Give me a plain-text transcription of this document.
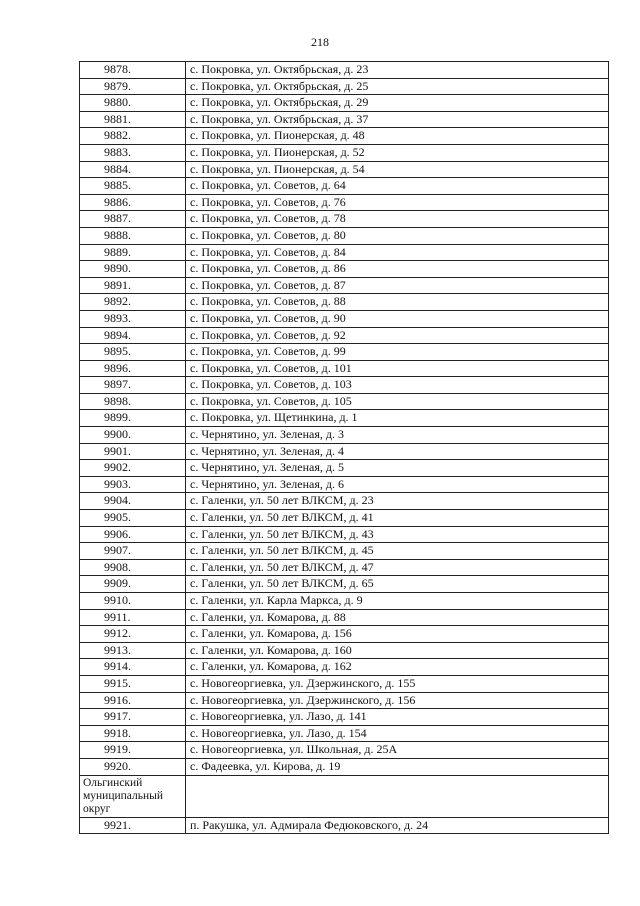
218
9878.	с. Покровка, ул. Октябрьская, д. 23
9879.	с. Покровка, ул. Октябрьская, д. 25
9880.	с. Покровка, ул. Октябрьская, д. 29
9881.	с. Покровка, ул. Октябрьская, д. 37
9882.	с. Покровка, ул. Пионерская, д. 48
9883.	с. Покровка, ул. Пионерская, д. 52
9884.	с. Покровка, ул. Пионерская, д. 54
9885.	с. Покровка, ул. Советов, д. 64
9886.	с. Покровка, ул. Советов, д. 76
9887.	с. Покровка, ул. Советов, д. 78
9888.	с. Покровка, ул. Советов, д. 80
9889.	с. Покровка, ул. Советов, д. 84
9890.	с. Покровка, ул. Советов, д. 86
9891.	с. Покровка, ул. Советов, д. 87
9892.	с. Покровка, ул. Советов, д. 88
9893.	с. Покровка, ул. Советов, д. 90
9894.	с. Покровка, ул. Советов, д. 92
9895.	с. Покровка, ул. Советов, д. 99
9896.	с. Покровка, ул. Советов, д. 101
9897.	с. Покровка, ул. Советов, д. 103
9898.	с. Покровка, ул. Советов, д. 105
9899.	с. Покровка, ул. Щетинкина, д. 1
9900.	с. Чернятино, ул. Зеленая, д. 3
9901.	с. Чернятино, ул. Зеленая, д. 4
9902.	с. Чернятино, ул. Зеленая, д. 5
9903.	с. Чернятино, ул. Зеленая, д. 6
9904.	с. Галенки, ул. 50 лет ВЛКСМ, д. 23
9905.	с. Галенки, ул. 50 лет ВЛКСМ, д. 41
9906.	с. Галенки, ул. 50 лет ВЛКСМ, д. 43
9907.	с. Галенки, ул. 50 лет ВЛКСМ, д. 45
9908.	с. Галенки, ул. 50 лет ВЛКСМ, д. 47
9909.	с. Галенки, ул. 50 лет ВЛКСМ, д. 65
9910.	с. Галенки, ул. Карла Маркса, д. 9
9911.	с. Галенки, ул. Комарова, д. 88
9912.	с. Галенки, ул. Комарова, д. 156
9913.	с. Галенки, ул. Комарова, д. 160
9914.	с. Галенки, ул. Комарова, д. 162
9915.	с. Новогеоргиевка, ул. Дзержинского, д. 155
9916.	с. Новогеоргиевка, ул. Дзержинского, д. 156
9917.	с. Новогеоргиевка, ул. Лазо, д. 141
9918.	с. Новогеоргиевка, ул. Лазо, д. 154
9919.	с. Новогеоргиевка, ул. Школьная, д. 25А
9920.	с. Фадеевка, ул. Кирова, д. 19
Ольгинский муниципальный округ	
9921.	п. Ракушка, ул. Адмирала Федюковского, д. 24
